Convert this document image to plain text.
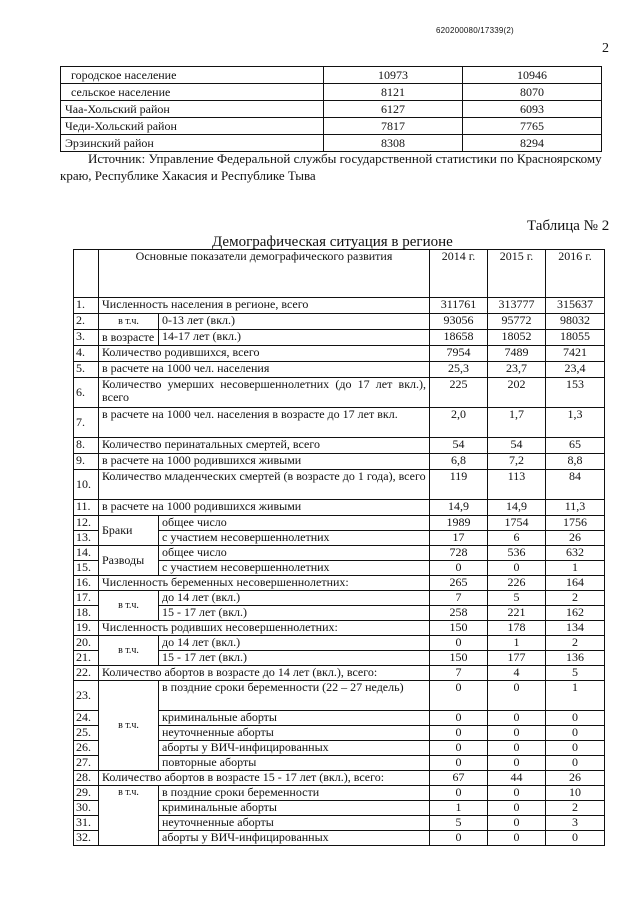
620200080/17339(2)
2
городское население	10973	10946
сельское население	8121	8070
Чаа-Хольский район	6127	6093
Чеди-Хольский район	7817	7765
Эрзинский район	8308	8294
Источник: Управление Федеральной службы государственной статистики по Красноярскому краю, Республике Хакасия и Республике Тыва
Таблица № 2
Демографическая ситуация в регионе
	Основные показатели демографического развития		2014 г.	2015 г.	2016 г.
1.	Численность населения в регионе, всего		311761	313777	315637
2.	в т.ч.	0-13 лет (вкл.)	93056	95772	98032
3.	в возрасте	14-17 лет (вкл.)	18658	18052	18055
4.	Количество родившихся, всего		7954	7489	7421
5.	в расчете на 1000 чел. населения		25,3	23,7	23,4
6.	Количество умерших несовершеннолетних (до 17 лет вкл.), всего		225	202	153
7.	в расчете на 1000 чел. населения в возрасте до 17 лет вкл.		2,0	1,7	1,3
8.	Количество перинатальных смертей, всего		54	54	65
9.	в расчете на 1000 родившихся живыми		6,8	7,2	8,8
10.	Количество младенческих смертей (в возрасте до 1 года), всего		119	113	84
11.	в расчете на 1000 родившихся живыми		14,9	14,9	11,3
12.	Браки	общее число	1989	1754	1756
13.		с участием несовершеннолетних	17	6	26
14.	Разводы	общее число	728	536	632
15.		с участием несовершеннолетних	0	0	1
16.	Численность беременных несовершеннолетних:		265	226	164
17.	в т.ч.	до 14 лет (вкл.)	7	5	2
18.		15 - 17 лет (вкл.)	258	221	162
19.	Численность родивших несовершеннолетних:		150	178	134
20.	в т.ч.	до 14 лет (вкл.)	0	1	2
21.		15 - 17 лет (вкл.)	150	177	136
22.	Количество абортов в возрасте до 14 лет (вкл.), всего:		7	4	5
23.	в т.ч.	в поздние сроки беременности (22 – 27 недель)	0	0	1
24.		криминальные аборты	0	0	0
25.		неуточненные аборты	0	0	0
26.		аборты у ВИЧ-инфицированных	0	0	0
27.		повторные аборты	0	0	0
28.	Количество абортов в возрасте 15 - 17 лет (вкл.), всего:		67	44	26
29.	в т.ч.	в поздние сроки беременности	0	0	10
30.		криминальные аборты	1	0	2
31.		неуточненные аборты	5	0	3
32.		аборты у ВИЧ-инфицированных	0	0	0
